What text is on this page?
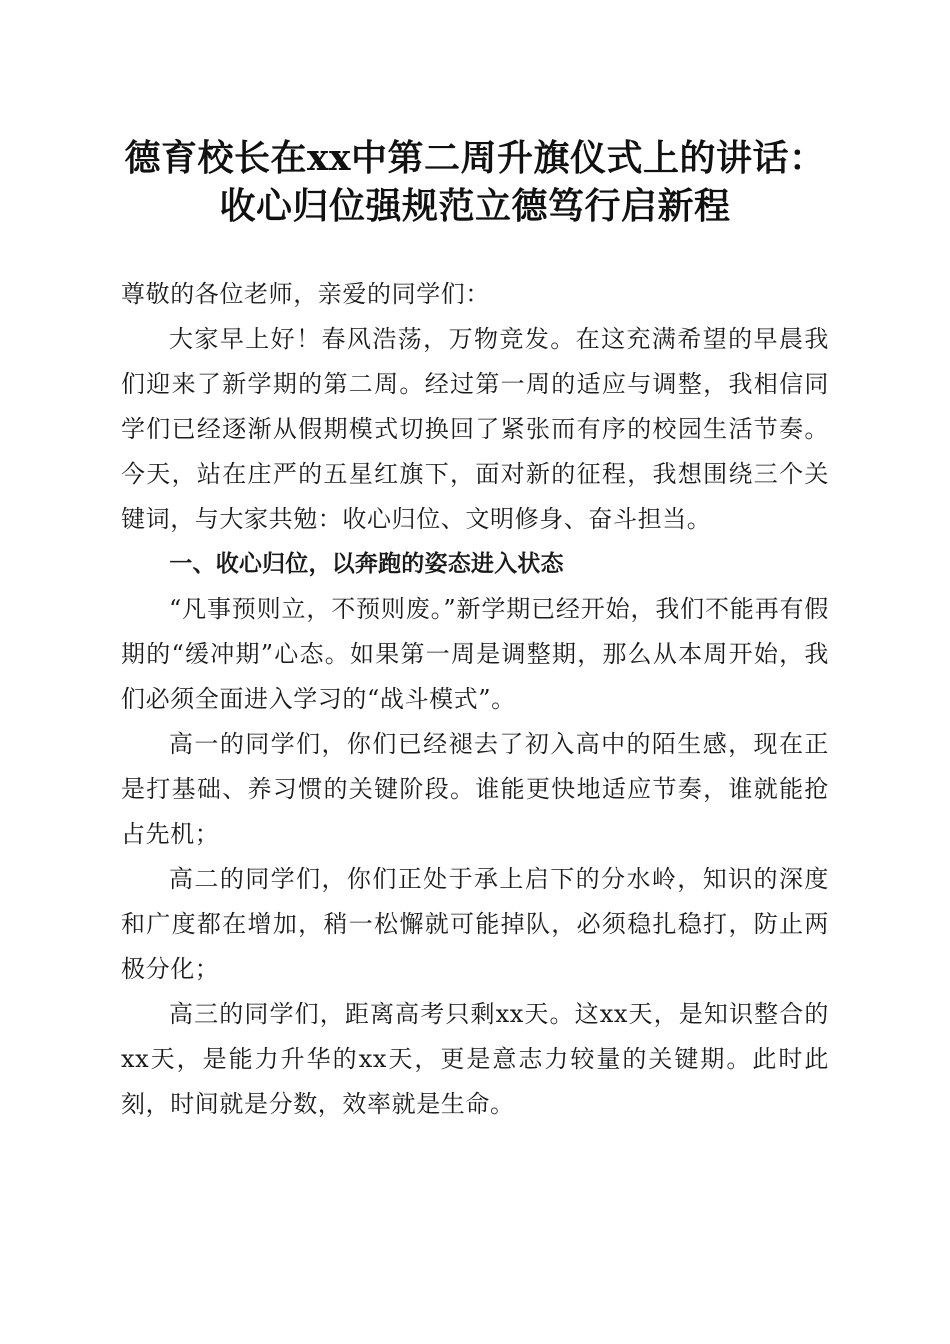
德育校长在xx中第二周升旗仪式上的讲话：
收心归位强规范立德笃行启新程

尊敬的各位老师，亲爱的同学们：

大家早上好！春风浩荡，万物竞发。在这充满希望的早晨我们迎来了新学期的第二周。经过第一周的适应与调整，我相信同学们已经逐渐从假期模式切换回了紧张而有序的校园生活节奏。今天，站在庄严的五星红旗下，面对新的征程，我想围绕三个关键词，与大家共勉：收心归位、文明修身、奋斗担当。

一、收心归位，以奔跑的姿态进入状态

“凡事预则立，不预则废。”新学期已经开始，我们不能再有假期的“缓冲期”心态。如果第一周是调整期，那么从本周开始，我们必须全面进入学习的“战斗模式”。

高一的同学们，你们已经褪去了初入高中的陌生感，现在正是打基础、养习惯的关键阶段。谁能更快地适应节奏，谁就能抢占先机；

高二的同学们，你们正处于承上启下的分水岭，知识的深度和广度都在增加，稍一松懈就可能掉队，必须稳扎稳打，防止两极分化；

高三的同学们，距离高考只剩xx天。这xx天，是知识整合的xx天，是能力升华的xx天，更是意志力较量的关键期。此时此刻，时间就是分数，效率就是生命。
